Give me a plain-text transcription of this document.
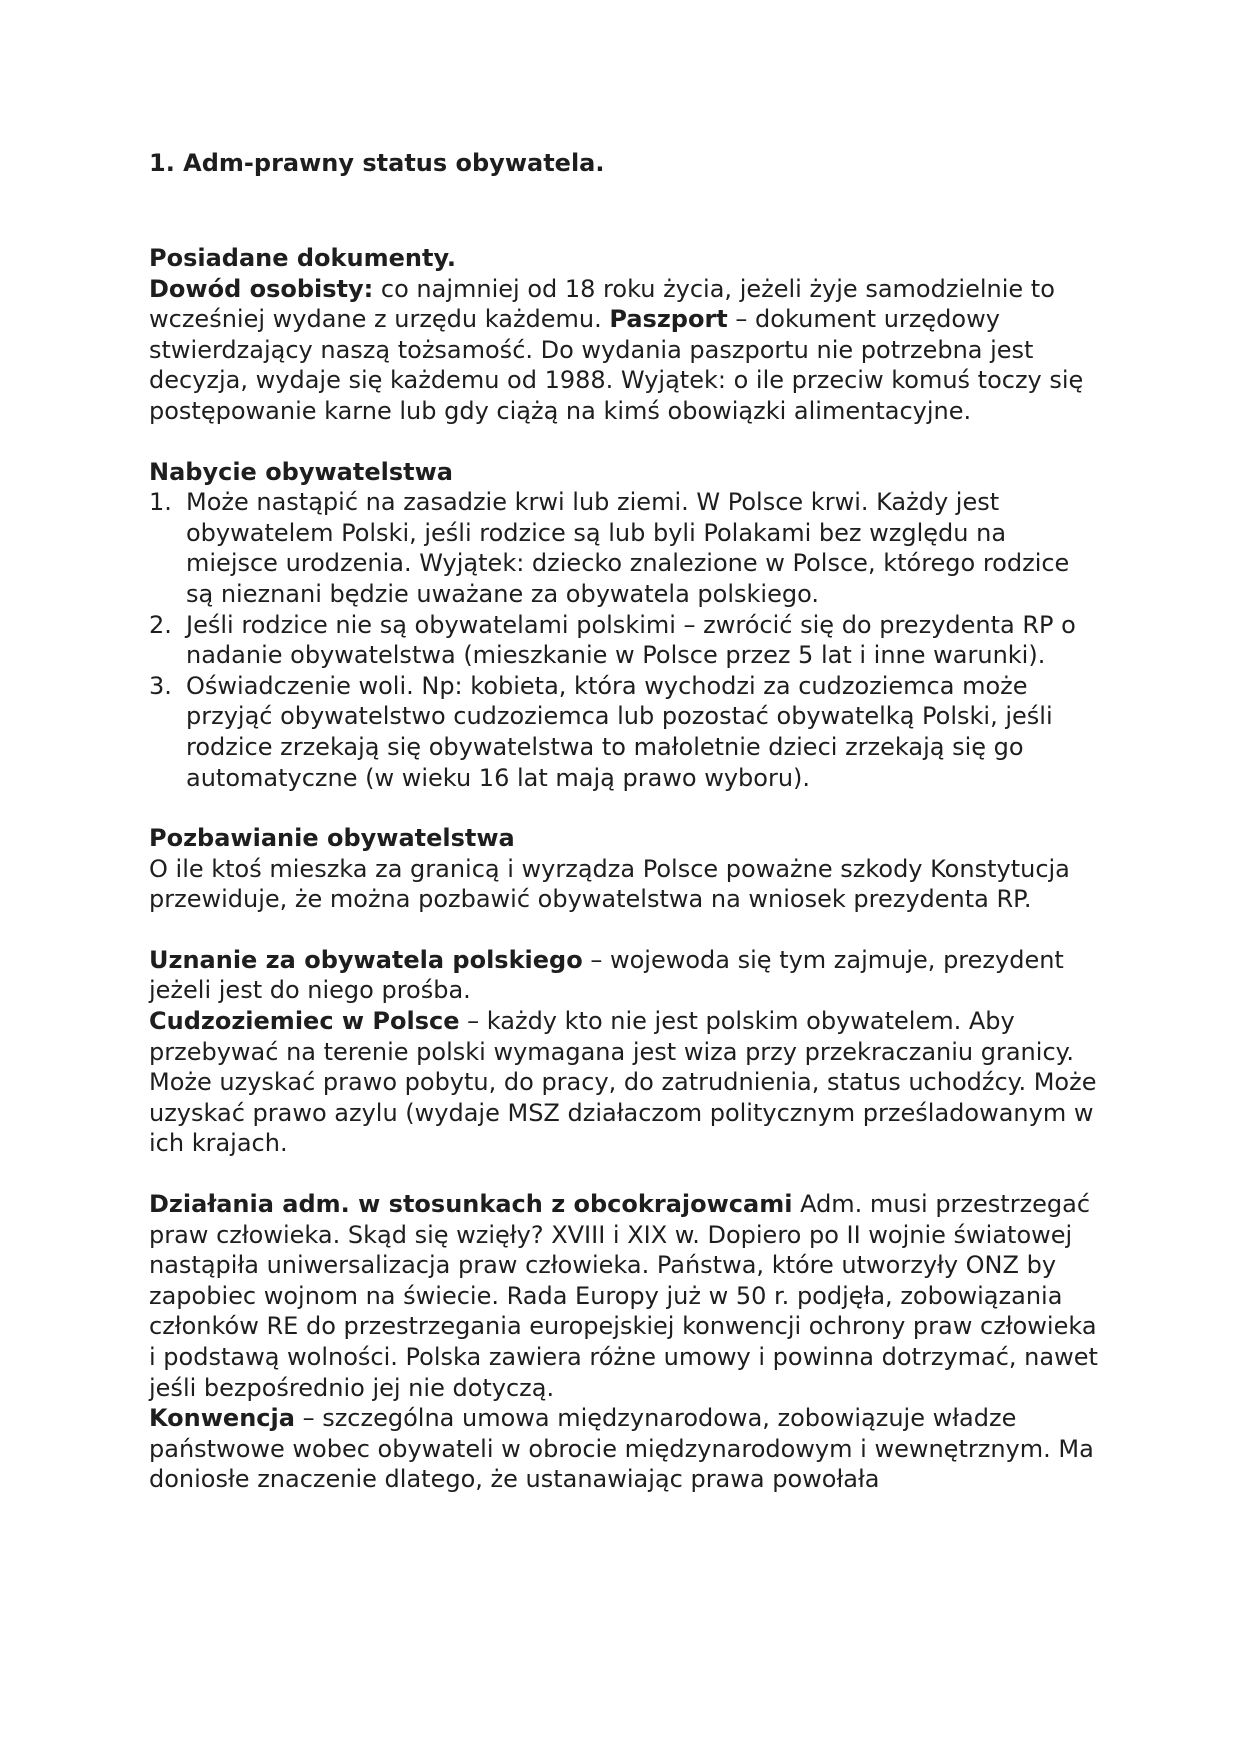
1. Adm-prawny status obywatela.

Posiadane dokumenty.

Dowód osobisty: co najmniej od 18 roku życia, jeżeli żyje samodzielnie to wcześniej wydane z urzędu każdemu. Paszport – dokument urzędowy stwierdzający naszą tożsamość. Do wydania paszportu nie potrzebna jest decyzja, wydaje się każdemu od 1988. Wyjątek: o ile przeciw komuś toczy się postępowanie karne lub gdy ciążą na kimś obowiązki alimentacyjne.

Nabycie obywatelstwa

1. Może nastąpić na zasadzie krwi lub ziemi. W Polsce krwi. Każdy jest obywatelem Polski, jeśli rodzice są lub byli Polakami bez względu na miejsce urodzenia. Wyjątek: dziecko znalezione w Polsce, którego rodzice są nieznani będzie uważane za obywatela polskiego.
2. Jeśli rodzice nie są obywatelami polskimi – zwrócić się do prezydenta RP o nadanie obywatelstwa (mieszkanie w Polsce przez 5 lat i inne warunki).
3. Oświadczenie woli. Np: kobieta, która wychodzi za cudzoziemca może przyjąć obywatelstwo cudzoziemca lub pozostać obywatelką Polski, jeśli rodzice zrzekają się obywatelstwa to małoletnie dzieci zrzekają się go automatyczne (w wieku 16 lat mają prawo wyboru).

Pozbawianie obywatelstwa

O ile ktoś mieszka za granicą i wyrządza Polsce poważne szkody Konstytucja przewiduje, że można pozbawić obywatelstwa na wniosek prezydenta RP.

Uznanie za obywatela polskiego – wojewoda się tym zajmuje, prezydent jeżeli jest do niego prośba.

Cudzoziemiec w Polsce – każdy kto nie jest polskim obywatelem. Aby przebywać na terenie polski wymagana jest wiza przy przekraczaniu granicy. Może uzyskać prawo pobytu, do pracy, do zatrudnienia, status uchodźcy. Może uzyskać prawo azylu (wydaje MSZ działaczom politycznym prześladowanym w ich krajach.

Działania adm. w stosunkach z obcokrajowcami Adm. musi przestrzegać praw człowieka. Skąd się wzięły? XVIII i XIX w. Dopiero po II wojnie światowej nastąpiła uniwersalizacja praw człowieka. Państwa, które utworzyły ONZ by zapobiec wojnom na świecie. Rada Europy już w 50 r. podjęła, zobowiązania członków RE do przestrzegania europejskiej konwencji ochrony praw człowieka i podstawą wolności. Polska zawiera różne umowy i powinna dotrzymać, nawet jeśli bezpośrednio jej nie dotyczą.

Konwencja – szczególna umowa międzynarodowa, zobowiązuje władze państwowe wobec obywateli w obrocie międzynarodowym i wewnętrznym. Ma doniosłe znaczenie dlatego, że ustanawiając prawa powołała
